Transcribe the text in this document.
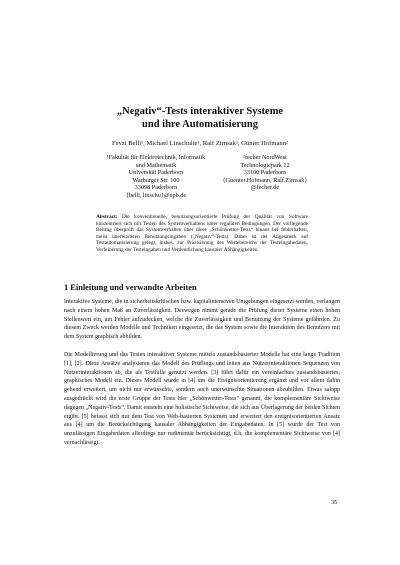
„Negativ“-Tests interaktiver Systeme
und ihre Automatisierung
Fevzi Belli¹, Michael Linschulte¹, Ralf Zirnsak², Günter Hofmann²
¹Fakultät für Elektrotechnik, Informatik
und Mathematik
Universität Paderborn
Warburger Str. 100
33098 Paderborn
{belli, linschu}@upb.de
²fecher NordWest
Technologiepark 12
33100 Paderborn
{Guenter.Hofmann, Ralf.Zirnsak}
@fecher.de
Abstract: Die konventionelle, benutzungsorientierte Prüfung der Qualität von Software konzentriert sich mit Testen des Systemverhaltens unter regulären Bedingungen. Der vorliegende Beitrag überprüft das Systemverhalten über diese „Schönwetter-Tests“ hinaus bei fehlerhaften, meist unerwarteten Benutzungsingaben („Negativ“-Tests). Dabei ist der Angesmerk auf Testautomatisierung gelegt, insbes. zur Präzisierung des Wertebereichs der Testeingabedaten, Verfeinerung der Testeingaben und Verdeutlichung kausaler Abhängigkeiten.
1 Einleitung und verwandte Arbeiten
Interaktive Systeme, die in sicherheitskritischen bzw. kapitalintensiven Umgebungen eingesetzt werden, verlangen nach einem hohen Maß an Zuverlässigkeit. Deswegen nimmt gerade die Prüfung dieser Systeme einen hohen Stellenwert ein, um Fehler aufzudecken, welche die Zuverlässigkeit und Benutzung der Systeme gefährden. Zu diesem Zweck werden Modelle und Techniken eingesetzt, die das System sowie die Interaktion des Benutzers mit dem System graphisch abbilden.
Die Modellierung und das Testen interaktiver Systeme mittels zustandsbasierter Modelle hat eine lange Tradition [1], [2]. Diese Ansätze analysieren das Modell des Prüflings und leiten aus Nutzerinteraktionen Sequenzen von Nutzerinteraktionen ab, die als Testfälle genutzt werden. [3] führt dafür ein vereinfachtes zustandsbasiertes, graphisches Modell ein. Dieses Modell wurde in [4] um die Ereignisorientierung ergänzt und vor allem dahin gehend erweitert, um nicht nur erwünschte, sondern auch unerwünschte Situationen abzubilden. Etwas salopp ausgedrückt wird die erste Gruppe der Tests hier „Schönwetter-Tests“ genannt, die komplementäre Sichtweise dagegen „Negativ-Tests“. Damit entsteht eine holistische Sichtweise, die sich aus Überlagerung der beiden Sichten ergibt. [5] befasst sich mit dem Test von Web-basierten Systemen und erweitert den ereignisorientierten Ansatz aus [4] um die Berücksichtigung kausaler Abhängigkeiten der Eingabedaten. In [5] wurde der Test von unzulässigen Eingabedaten allerdings nur rudimentär berücksichtigt, d.h. die komplementäre Sichtweise von [4] vernachlässigt.
35
